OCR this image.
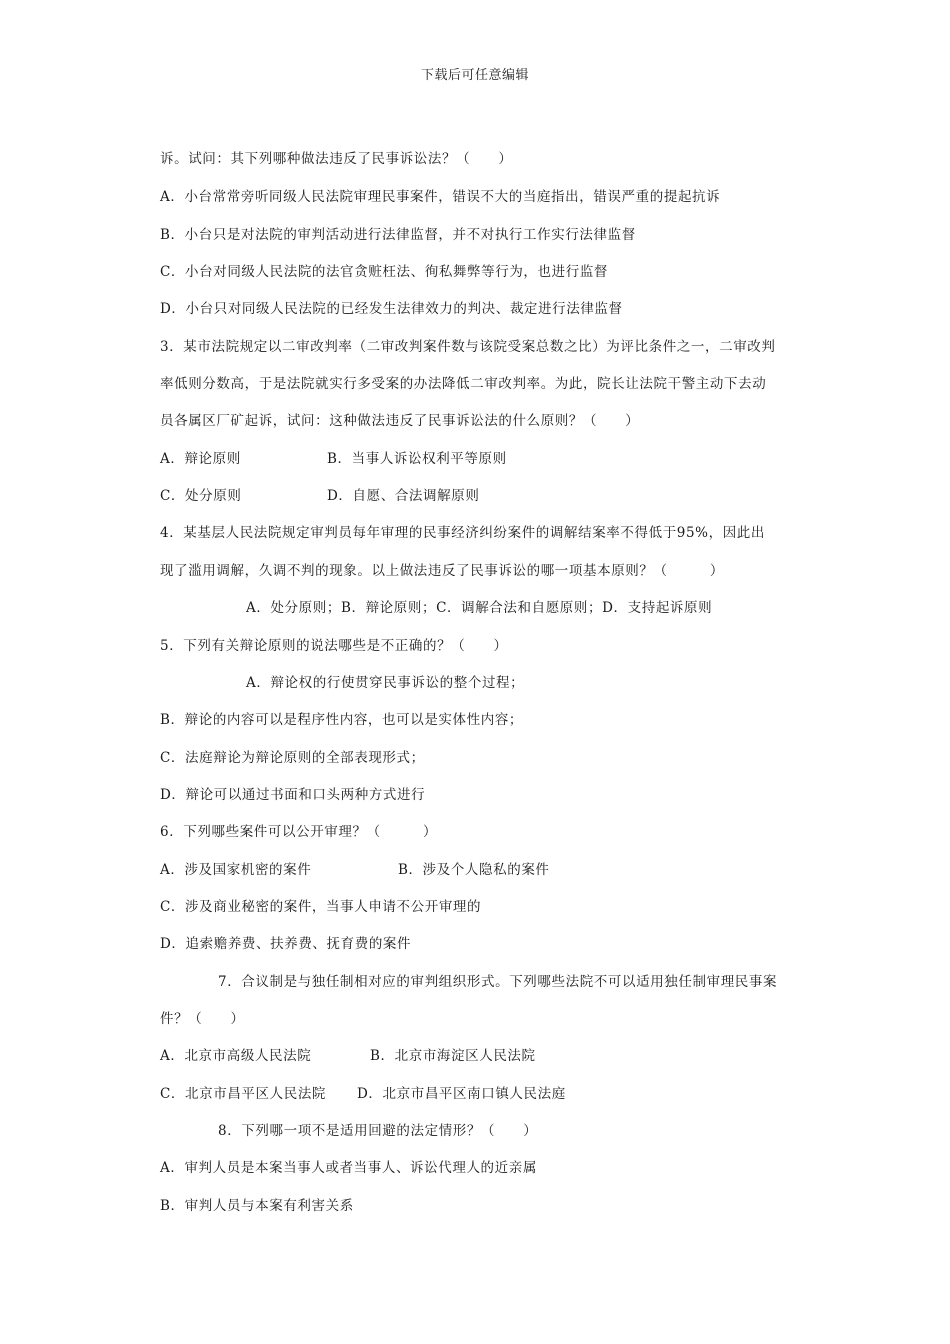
下载后可任意编辑
诉。试问：其下列哪种做法违反了民事诉讼法？（　　）
A．小台常常旁听同级人民法院审理民事案件，错误不大的当庭指出，错误严重的提起抗诉
B．小台只是对法院的审判活动进行法律监督，并不对执行工作实行法律监督
C．小台对同级人民法院的法官贪赃枉法、徇私舞弊等行为，也进行监督
D．小台只对同级人民法院的已经发生法律效力的判决、裁定进行法律监督
3．某市法院规定以二审改判率（二审改判案件数与该院受案总数之比）为评比条件之一，二审改判
率低则分数高，于是法院就实行多受案的办法降低二审改判率。为此，院长让法院干警主动下去动
员各属区厂矿起诉，试问：这种做法违反了民事诉讼法的什么原则？（　　）
A．辩论原则	B．当事人诉讼权利平等原则
C．处分原则	D．自愿、合法调解原则
4．某基层人民法院规定审判员每年审理的民事经济纠纷案件的调解结案率不得低于95%，因此出
现了滥用调解，久调不判的现象。以上做法违反了民事诉讼的哪一项基本原则？（　　　）
A．处分原则；B．辩论原则；C．调解合法和自愿原则；D．支持起诉原则
5．下列有关辩论原则的说法哪些是不正确的？（　　）
A．辩论权的行使贯穿民事诉讼的整个过程；
B．辩论的内容可以是程序性内容，也可以是实体性内容；
C．法庭辩论为辩论原则的全部表现形式；
D．辩论可以通过书面和口头两种方式进行
6．下列哪些案件可以公开审理？（　　　）
A．涉及国家机密的案件	B．涉及个人隐私的案件
C．涉及商业秘密的案件，当事人申请不公开审理的
D．追索赡养费、扶养费、抚育费的案件
7．合议制是与独任制相对应的审判组织形式。下列哪些法院不可以适用独任制审理民事案
件？（　　）
A．北京市高级人民法院	B．北京市海淀区人民法院
C．北京市昌平区人民法院 D．北京市昌平区南口镇人民法庭
8．下列哪一项不是适用回避的法定情形？（　　）
A．审判人员是本案当事人或者当事人、诉讼代理人的近亲属
B．审判人员与本案有利害关系
